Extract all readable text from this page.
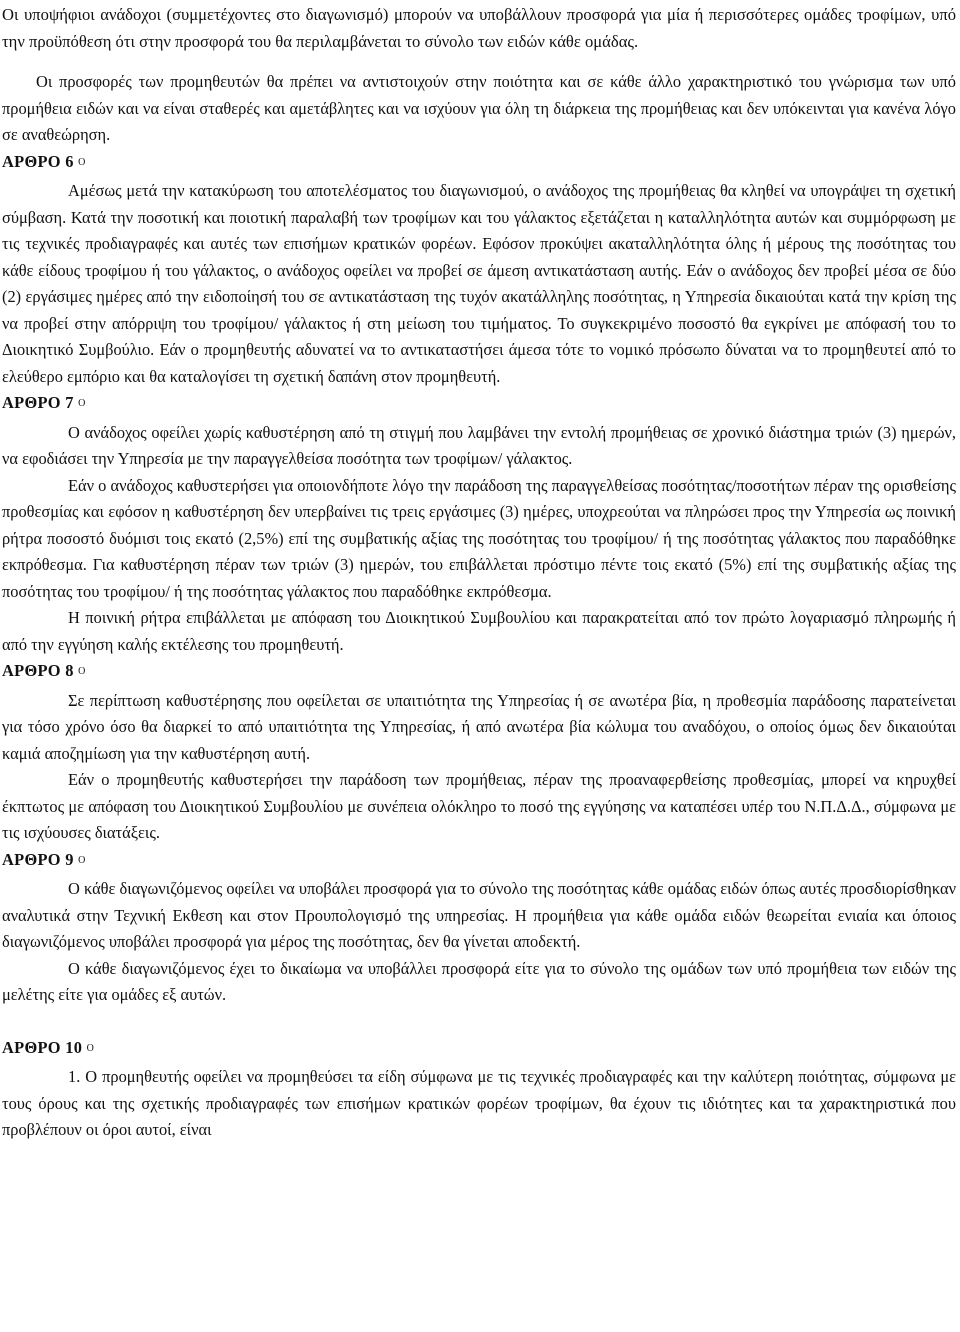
Οι υποψήφιοι ανάδοχοι (συμμετέχοντες στο διαγωνισμό) μπορούν να υποβάλλουν προσφορά για μία ή περισσότερες ομάδες τροφίμων, υπό την προϋπόθεση ότι στην προσφορά του θα περιλαμβάνεται το σύνολο των ειδών κάθε ομάδας.

Οι προσφορές των προμηθευτών θα πρέπει να αντιστοιχούν στην ποιότητα και σε κάθε άλλο χαρακτηριστικό του γνώρισμα των υπό προμήθεια ειδών και να είναι σταθερές και αμετάβλητες και να ισχύουν για όλη τη διάρκεια της προμήθειας και δεν υπόκεινται για κανένα λόγο σε αναθεώρηση.

ΑΡΘΡΟ 6 $^O$

Αμέσως μετά την κατακύρωση του αποτελέσματος του διαγωνισμού, ο ανάδοχος της προμήθειας θα κληθεί να υπογράψει τη σχετική σύμβαση. Κατά την ποσοτική και ποιοτική παραλαβή των τροφίμων και του γάλακτος εξετάζεται η καταλληλότητα αυτών και συμμόρφωση με τις τεχνικές προδιαγραφές και αυτές των επισήμων κρατικών φορέων. Εφόσον προκύψει ακαταλληλότητα όλης ή μέρους της ποσότητας του κάθε είδους τροφίμου ή του γάλακτος, ο ανάδοχος οφείλει να προβεί σε άμεση αντικατάσταση αυτής. Εάν ο ανάδοχος δεν προβεί μέσα σε δύο (2) εργάσιμες ημέρες από την ειδοποίησή του σε αντικατάσταση της τυχόν ακατάλληλης ποσότητας, η Υπηρεσία δικαιούται κατά την κρίση της να προβεί στην απόρριψη του τροφίμου/ γάλακτος ή στη μείωση του τιμήματος. Το συγκεκριμένο ποσοστό θα εγκρίνει με απόφασή του το Διοικητικό Συμβούλιο. Εάν ο προμηθευτής αδυνατεί να το αντικαταστήσει άμεσα τότε το νομικό πρόσωπο δύναται να το προμηθευτεί από το ελεύθερο εμπόριο και θα καταλογίσει τη σχετική δαπάνη στον προμηθευτή.

ΑΡΘΡΟ 7 $^O$

Ο ανάδοχος οφείλει χωρίς καθυστέρηση από τη στιγμή που λαμβάνει την εντολή προμήθειας σε χρονικό διάστημα τριών (3) ημερών, να εφοδιάσει την Υπηρεσία με την παραγγελθείσα ποσότητα των τροφίμων/ γάλακτος.

Εάν ο ανάδοχος καθυστερήσει για οποιονδήποτε λόγο την παράδοση της παραγγελθείσας ποσότητας/ποσοτήτων πέραν της ορισθείσης προθεσμίας και εφόσον η καθυστέρηση δεν υπερβαίνει τις τρεις εργάσιμες (3) ημέρες, υποχρεούται να πληρώσει προς την Υπηρεσία ως ποινική ρήτρα ποσοστό δυόμισι τοις εκατό (2,5%) επί της συμβατικής αξίας της ποσότητας του τροφίμου/ ή της ποσότητας γάλακτος που παραδόθηκε εκπρόθεσμα. Για καθυστέρηση πέραν των τριών (3) ημερών, του επιβάλλεται πρόστιμο πέντε τοις εκατό (5%) επί της συμβατικής αξίας της ποσότητας του τροφίμου/ ή της ποσότητας γάλακτος που παραδόθηκε εκπρόθεσμα.

Η ποινική ρήτρα επιβάλλεται με απόφαση του Διοικητικού Συμβουλίου και παρακρατείται από τον πρώτο λογαριασμό πληρωμής ή από την εγγύηση καλής εκτέλεσης του προμηθευτή.

ΑΡΘΡΟ 8 $^O$

Σε περίπτωση καθυστέρησης που οφείλεται σε υπαιτιότητα της Υπηρεσίας ή σε ανωτέρα βία, η προθεσμία παράδοσης παρατείνεται για τόσο χρόνο όσο θα διαρκεί το από υπαιτιότητα της Υπηρεσίας, ή από ανωτέρα βία κώλυμα του αναδόχου, ο οποίος όμως δεν δικαιούται καμιά αποζημίωση για την καθυστέρηση αυτή.

Εάν ο προμηθευτής καθυστερήσει την παράδοση των προμήθειας, πέραν της προαναφερθείσης προθεσμίας, μπορεί να κηρυχθεί έκπτωτος με απόφαση του Διοικητικού Συμβουλίου με συνέπεια ολόκληρο το ποσό της εγγύησης να καταπέσει υπέρ του Ν.Π.Δ.Δ., σύμφωνα με τις ισχύουσες διατάξεις.

ΑΡΘΡΟ 9 $^O$

Ο κάθε διαγωνιζόμενος οφείλει να υποβάλει προσφορά για το σύνολο της ποσότητας κάθε ομάδας ειδών όπως αυτές προσδιορίσθηκαν αναλυτικά στην Τεχνική Εκθεση και στον Προυπολογισμό της υπηρεσίας. Η προμήθεια για κάθε ομάδα ειδών θεωρείται ενιαία και όποιος διαγωνιζόμενος υποβάλει προσφορά για μέρος της ποσότητας, δεν θα γίνεται αποδεκτή.

Ο κάθε διαγωνιζόμενος έχει το δικαίωμα να υποβάλλει προσφορά είτε για το σύνολο της ομάδων των υπό προμήθεια των ειδών της μελέτης είτε για ομάδες εξ αυτών.

ΑΡΘΡΟ 10 $^O$

1. Ο προμηθευτής οφείλει να προμηθεύσει τα είδη σύμφωνα με τις τεχνικές προδιαγραφές και την καλύτερη ποιότητας, σύμφωνα με τους όρους και της σχετικής προδιαγραφές των επισήμων κρατικών φορέων τροφίμων, θα έχουν τις ιδιότητες και τα χαρακτηριστικά που προβλέπουν οι όροι αυτοί, είναι
